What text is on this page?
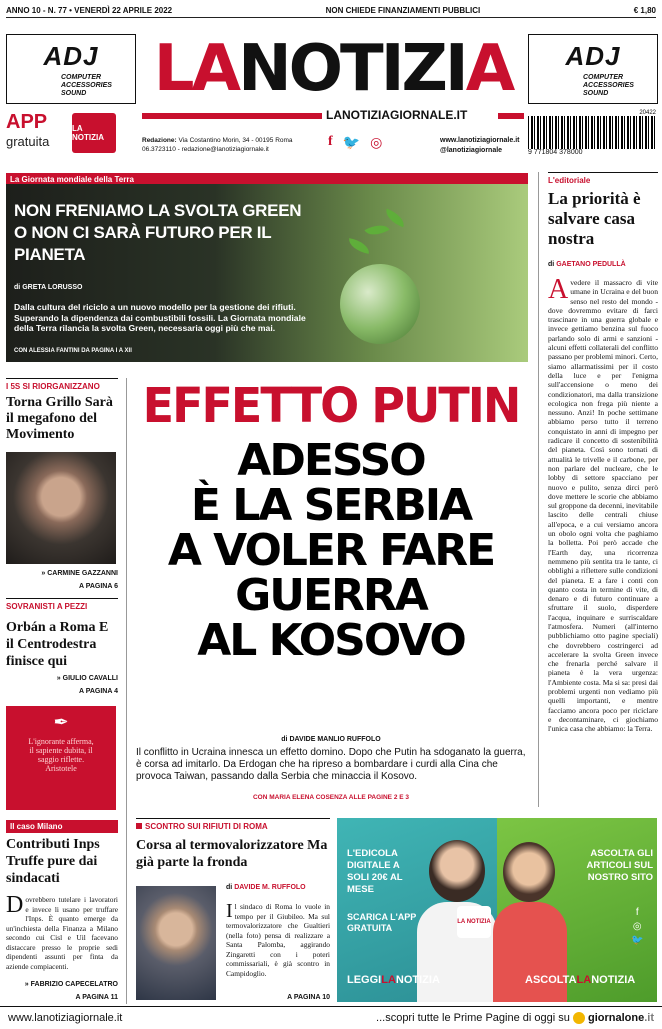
ANNO 10 - N. 77 • VENERDÌ 22 APRILE 2022	NON CHIEDE FINANZIAMENTI PUBBLICI	€ 1,80
ADJ
COMPUTER ACCESSORIES SOUND
ADJ
COMPUTER ACCESSORIES SOUND
LANOTIZIA
LANOTIZIAGIORNALE.IT
APP
gratuita
LA NOTIZIA	Redazione: Via Costantino Morin, 34 - 00195 Roma
06.3723110 - redazione@lanotiziagiornale.it
f 🐦 ◎	www.lanotiziagiornale.it
@lanotiziagiornale
20422
9 771804 378000
La Giornata mondiale della Terra
NON FRENIAMO LA SVOLTA GREEN O NON CI SARÀ FUTURO PER IL PIANETA
di GRETA LORUSSO

Dalla cultura del riciclo a un nuovo modello per la gestione dei rifiuti. Superando la dipendenza dai combustibili fossili. La Giornata mondiale della Terra rilancia la svolta Green, necessaria oggi più che mai.

CON ALESSIA FANTINI DA PAGINA I A XII
L'editoriale
La priorità è salvare casa nostra
di GAETANO PEDULLÀ

Avedere il massacro di vite umane in Ucraina e del buon senso nel resto del mondo - dove dovremmo evitare di farci trascinare in una guerra globale e invece gettiamo benzina sul fuoco parlando solo di armi e sanzioni - alcuni effetti collaterali del conflitto passano per problemi minori. Certo, siamo allarmatissimi per il costo della luce e per l'enigma sull'accensione o meno dei condizionatori, ma dalla transizione ecologica non frega più niente a nessuno. Anzi! In poche settimane abbiamo perso tutto il terreno conquistato in anni di impegno per radicare il concetto di sostenibilità del pianeta. Così sono tornati di attualità le trivelle e il carbone, per non parlare del nucleare, che le lobby di settore spacciano per nuovo e pulito, senza dirci però dove mettere le scorie che abbiamo sul groppone da decenni, inevitabile lascito delle centrali chiuse all'epoca, e a cui versiamo ancora un obolo ogni volta che paghiamo la bolletta. Poi però accade che l'Earth day, una ricorrenza nemmeno più sentita tra le tante, ci obblighi a riflettere sulle condizioni del pianeta. E a fare i conti con quanto costa in termine di vite, di denaro e di futuro continuare a sfruttare il suolo, disperdere l'acqua, inquinare e surriscaldare l'atmosfera. Numeri (all'interno pubblichiamo otto pagine speciali) che dovrebbero costringerci ad accelerare la svolta Green invece che frenarla perché salvare il pianeta è la vera urgenza: l'Ambiente costa. Ma si sa: presi dai problemi urgenti non vediamo più quelli importanti, e mentre facciamo ancora poco per riciclare e decontaminare, ci giochiamo l'unica casa che abbiamo: la Terra.

I 5S SI RIORGANIZZANO
Torna Grillo Sarà il megafono del Movimento
» CARMINE GAZZANNI
A PAGINA 6
SOVRANISTI A PEZZI
Orbán a Roma E il Centrodestra finisce qui
» GIULIO CAVALLI
A PAGINA 4
✒
L'ignorante afferma, il sapiente dubita, il saggio riflette.
Aristotele
Il caso Milano
Contributi Inps Truffe pure dai sindacati

Dovrebbero tutelare i lavoratori e invece li usano per truffare l'Inps. È quanto emerge da un'inchiesta della Finanza a Milano secondo cui Cisl e Uil facevano distaccare presso le proprie sedi dipendenti assunti per finta da aziende compiacenti.

» FABRIZIO CAPECELATRO
A PAGINA 11
EFFETTO PUTIN
ADESSO
È LA SERBIA
A VOLER FARE
GUERRA
AL KOSOVO
di DAVIDE MANLIO RUFFOLO
Il conflitto in Ucraina innesca un effetto domino. Dopo che Putin ha sdoganato la guerra, è corsa ad imitarlo. Da Erdogan che ha ripreso a bombardare i curdi alla Cina che provoca Taiwan, passando dalla Serbia che minaccia il Kosovo.
CON MARIA ELENA COSENZA ALLE PAGINE 2 E 3
SCONTRO SUI RIFIUTI DI ROMA
Corsa al termovalorizzatore Ma già parte la fronda
di DAVIDE M. RUFFOLO

Il sindaco di Roma lo vuole in tempo per il Giubileo. Ma sul termovalorizzatore che Gualtieri (nella foto) pensa di realizzare a Santa Palomba, aggirando Zingaretti con i poteri commissariali, è già scontro in Campidoglio.

A PAGINA 10
L'EDICOLA DIGITALE A SOLI 20€ AL MESE
SCARICA L'APP GRATUITA
LA NOTIZIA
LEGGILANOTIZIA
ASCOLTA GLI ARTICOLI SUL NOSTRO SITO
f
◎
🐦
ASCOLTALANOTIZIA
www.lanotiziagiornale.it	...scopri tutte le Prime Pagine di oggi su giornalone.it
